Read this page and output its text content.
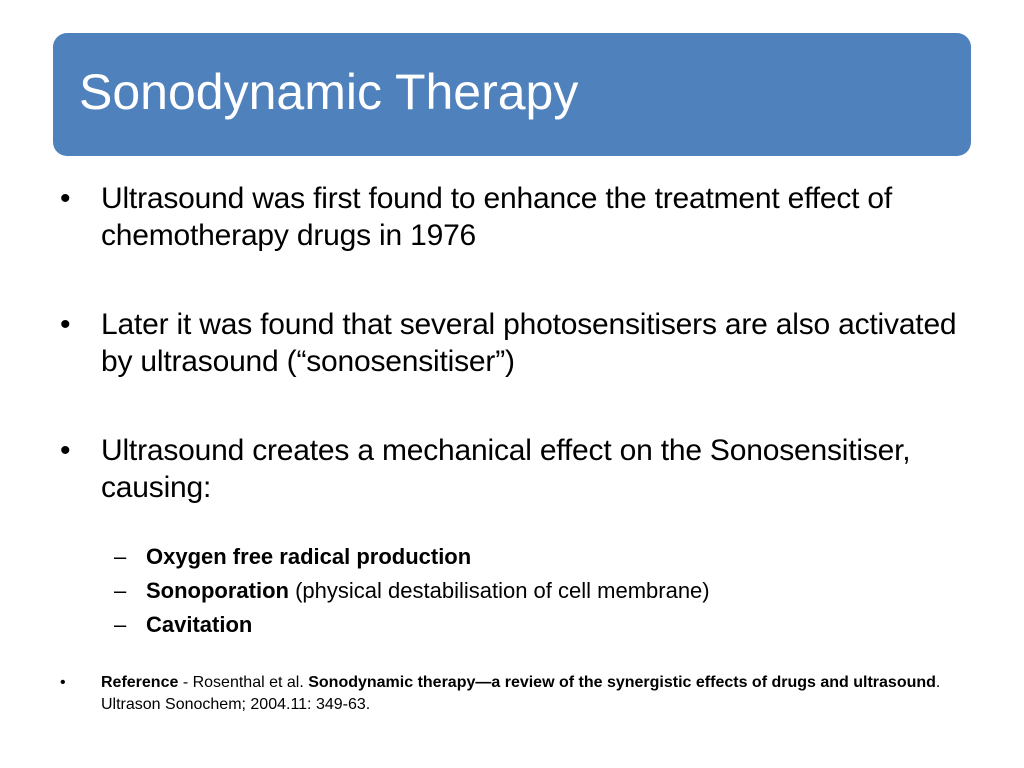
Sonodynamic Therapy
• Ultrasound was first found to enhance the treatment effect of chemotherapy drugs in 1976
• Later it was found that several photosensitisers are also activated by ultrasound (“sonosensitiser”)
• Ultrasound creates a mechanical effect on the Sonosensitiser, causing:
– Oxygen free radical production
– Sonoporation (physical destabilisation of cell membrane)
– Cavitation
• Reference - Rosenthal et al. Sonodynamic therapy—a review of the synergistic effects of drugs and ultrasound. Ultrason Sonochem; 2004.11: 349-63.
